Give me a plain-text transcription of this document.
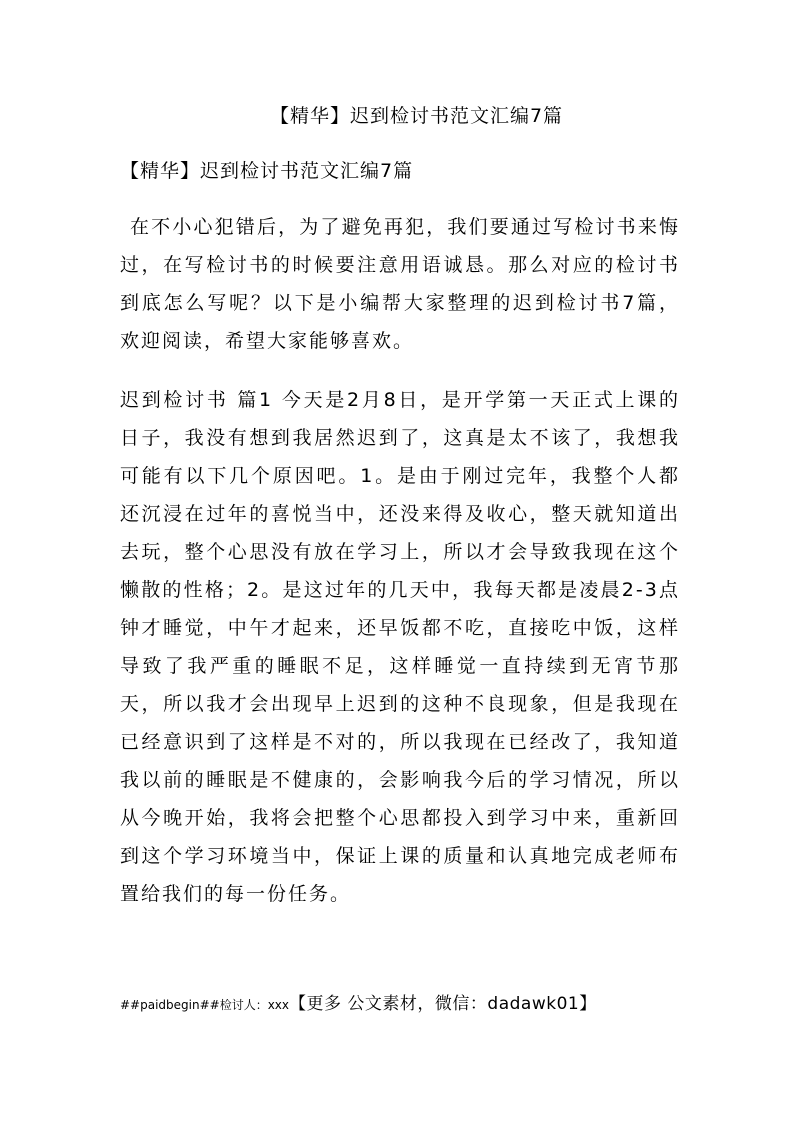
【精华】迟到检讨书范文汇编7篇

【精华】迟到检讨书范文汇编7篇

在不小心犯错后，为了避免再犯，我们要通过写检讨书来悔过，在写检讨书的时候要注意用语诚恳。那么对应的检讨书到底怎么写呢？以下是小编帮大家整理的迟到检讨书7篇，欢迎阅读，希望大家能够喜欢。

迟到检讨书 篇1 今天是2月8日，是开学第一天正式上课的日子，我没有想到我居然迟到了，这真是太不该了，我想我可能有以下几个原因吧。1。是由于刚过完年，我整个人都还沉浸在过年的喜悦当中，还没来得及收心，整天就知道出去玩，整个心思没有放在学习上，所以才会导致我现在这个懒散的性格；2。是这过年的几天中，我每天都是凌晨2-3点钟才睡觉，中午才起来，还早饭都不吃，直接吃中饭，这样导致了我严重的睡眠不足，这样睡觉一直持续到无宵节那天，所以我才会出现早上迟到的这种不良现象，但是我现在已经意识到了这样是不对的，所以我现在已经改了，我知道我以前的睡眠是不健康的，会影响我今后的学习情况，所以从今晚开始，我将会把整个心思都投入到学习中来，重新回到这个学习环境当中，保证上课的质量和认真地完成老师布置给我们的每一份任务。

##paidbegin##检讨人：xxx【更多 公文素材，微信：dadawk01】
